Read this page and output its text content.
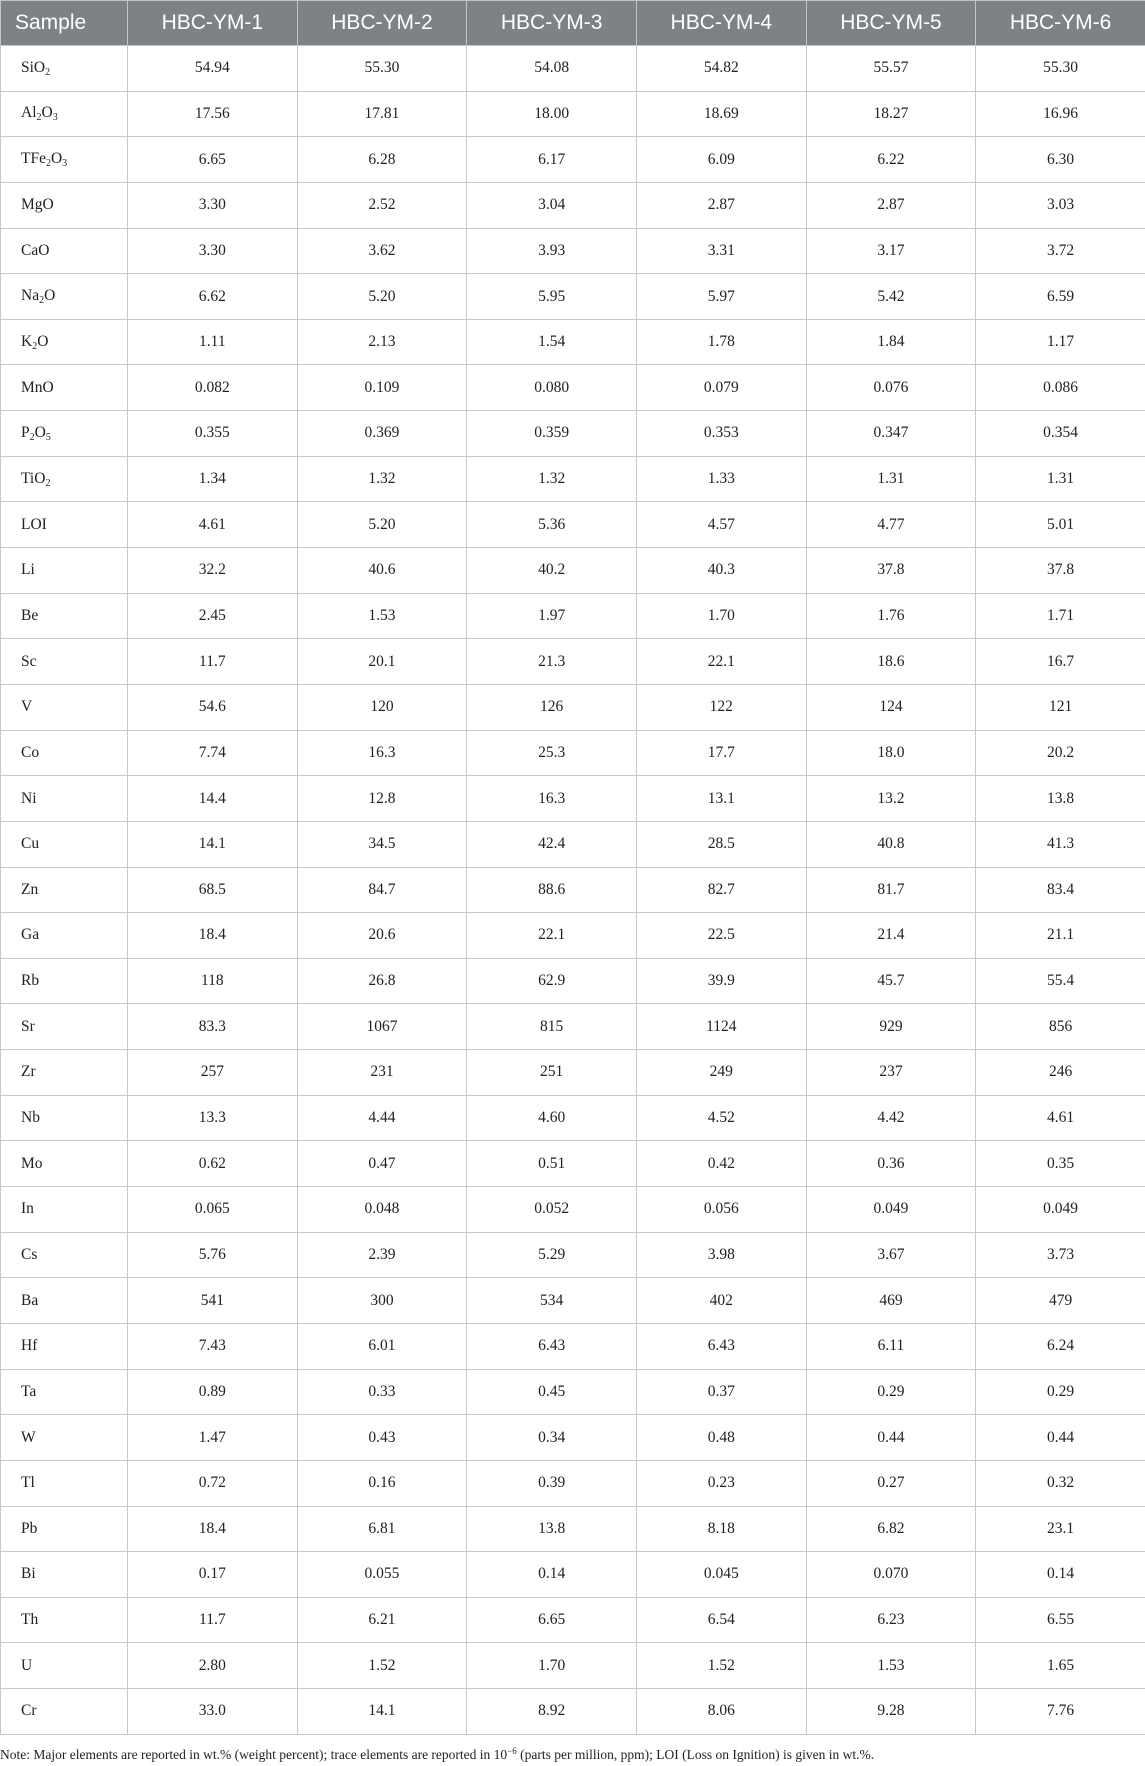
Sample	HBC-YM-1	HBC-YM-2	HBC-YM-3	HBC-YM-4	HBC-YM-5	HBC-YM-6
SiO$_2$	54.94	55.30	54.08	54.82	55.57	55.30
$Al_2O_3$	17.56	17.81	18.00	18.69	18.27	16.96
$TFe_2O_3$	6.65	6.28	6.17	6.09	6.22	6.30
MgO	3.30	2.52	3.04	2.87	2.87	3.03
CaO	3.30	3.62	3.93	3.31	3.17	3.72
$Na_2O$	6.62	5.20	5.95	5.97	5.42	6.59
$K_2O$	1.11	2.13	1.54	1.78	1.84	1.17
MnO	0.082	0.109	0.080	0.079	0.076	0.086
$P_2O_5$	0.355	0.369	0.359	0.353	0.347	0.354
TiO$_2$	1.34	1.32	1.32	1.33	1.31	1.31
LOI	4.61	5.20	5.36	4.57	4.77	5.01
Li	32.2	40.6	40.2	40.3	37.8	37.8
Be	2.45	1.53	1.97	1.70	1.76	1.71
Sc	11.7	20.1	21.3	22.1	18.6	16.7
V	54.6	120	126	122	124	121
Co	7.74	16.3	25.3	17.7	18.0	20.2
Ni	14.4	12.8	16.3	13.1	13.2	13.8
Cu	14.1	34.5	42.4	28.5	40.8	41.3
Zn	68.5	84.7	88.6	82.7	81.7	83.4
Ga	18.4	20.6	22.1	22.5	21.4	21.1
Rb	118	26.8	62.9	39.9	45.7	55.4
Sr	83.3	1067	815	1124	929	856
Zr	257	231	251	249	237	246
Nb	13.3	4.44	4.60	4.52	4.42	4.61
Mo	0.62	0.47	0.51	0.42	0.36	0.35
In	0.065	0.048	0.052	0.056	0.049	0.049
Cs	5.76	2.39	5.29	3.98	3.67	3.73
Ba	541	300	534	402	469	479
Hf	7.43	6.01	6.43	6.43	6.11	6.24
Ta	0.89	0.33	0.45	0.37	0.29	0.29
W	1.47	0.43	0.34	0.48	0.44	0.44
Tl	0.72	0.16	0.39	0.23	0.27	0.32
Pb	18.4	6.81	13.8	8.18	6.82	23.1
Bi	0.17	0.055	0.14	0.045	0.070	0.14
Th	11.7	6.21	6.65	6.54	6.23	6.55
U	2.80	1.52	1.70	1.52	1.53	1.65
Cr	33.0	14.1	8.92	8.06	9.28	7.76
Note: Major elements are reported in wt.% (weight percent); trace elements are reported in $10^{-6}$ (parts per million, ppm); LOI (Loss on Ignition) is given in wt.%.
